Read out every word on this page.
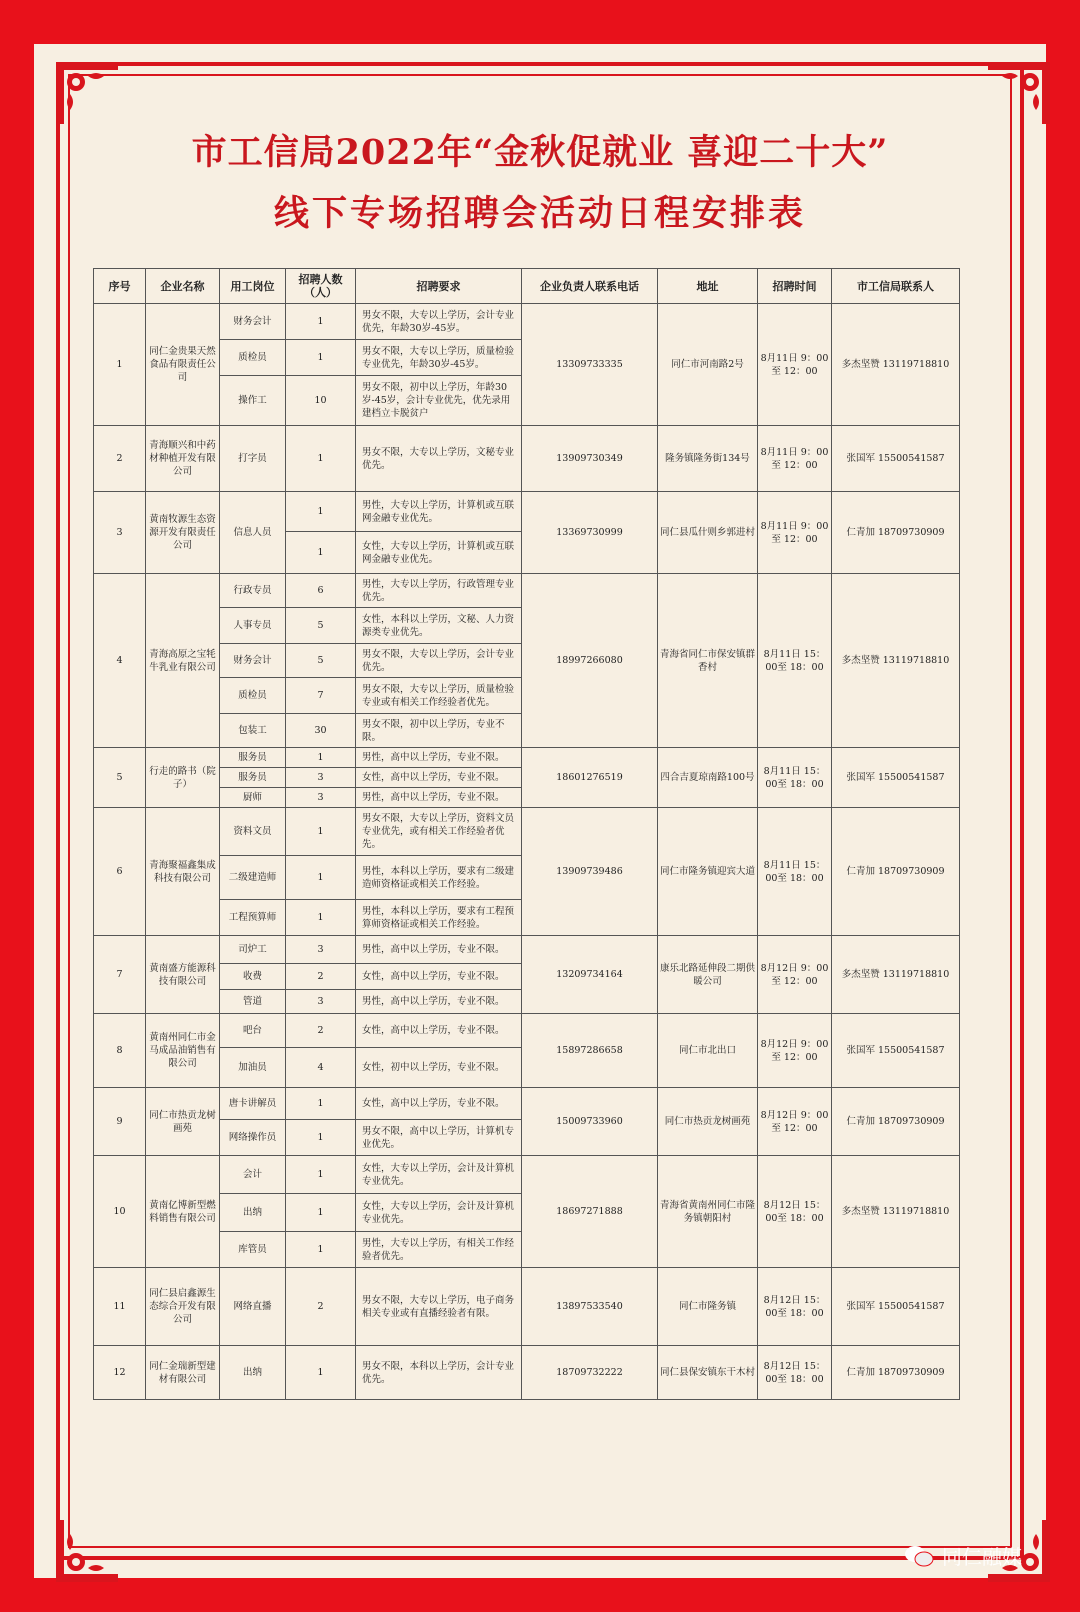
市工信局2022年“金秋促就业 喜迎二十大”
线下专场招聘会活动日程安排表
序号	企业名称	用工岗位	招聘人数（人）	招聘要求	企业负责人联系电话	地址	招聘时间	市工信局联系人
1	同仁金贵果天然食品有限责任公司	财务会计	1	男女不限，大专以上学历，会计专业优先，年龄30岁-45岁。	13309733335	同仁市河南路2号	8月11日 9：00至 12：00	多杰坚赞 13119718810
		质检员	1	男女不限，大专以上学历，质量检验专业优先，年龄30岁-45岁。				
		操作工	10	男女不限，初中以上学历，年龄30岁-45岁，会计专业优先，优先录用建档立卡脱贫户				
2	青海顺兴和中药材种植开发有限公司	打字员	1	男女不限，大专以上学历，文秘专业优先。	13909730349	隆务镇隆务街134号	8月11日 9：00至 12：00	张国军 15500541587
3	黄南牧源生态资源开发有限责任公司	信息人员	1	男性，大专以上学历，计算机或互联网金融专业优先。	13369730999	同仁县瓜什则乡郭进村	8月11日 9：00至 12：00	仁青加 18709730909
			1	女性，大专以上学历，计算机或互联网金融专业优先。				
4	青海高原之宝牦牛乳业有限公司	行政专员	6	男性，大专以上学历，行政管理专业优先。	18997266080	青海省同仁市保安镇群香村	8月11日 15：00至 18：00	多杰坚赞 13119718810
		人事专员	5	女性，本科以上学历，文秘、人力资源类专业优先。				
		财务会计	5	男女不限，大专以上学历，会计专业优先。				
		质检员	7	男女不限，大专以上学历，质量检验专业或有相关工作经验者优先。				
		包装工	30	男女不限，初中以上学历，专业不限。				
5	行走的路书（院子）	服务员	1	男性，高中以上学历，专业不限。	18601276519	四合吉夏琼南路100号	8月11日 15：00至 18：00	张国军 15500541587
		服务员	3	女性，高中以上学历，专业不限。				
		厨师	3	男性，高中以上学历，专业不限。				
6	青海聚福鑫集成科技有限公司	资料文员	1	男女不限，大专以上学历，资料文员专业优先，或有相关工作经验者优先。	13909739486	同仁市隆务镇迎宾大道	8月11日 15：00至 18：00	仁青加 18709730909
		二级建造师	1	男性，本科以上学历，要求有二级建造师资格证或相关工作经验。				
		工程预算师	1	男性，本科以上学历，要求有工程预算师资格证或相关工作经验。				
7	黄南盛方能源科技有限公司	司炉工	3	男性，高中以上学历，专业不限。	13209734164	康乐北路延伸段二期供暖公司	8月12日 9：00至 12：00	多杰坚赞 13119718810
		收费	2	女性，高中以上学历，专业不限。				
		管道	3	男性，高中以上学历，专业不限。				
8	黄南州同仁市金马成品油销售有限公司	吧台	2	女性，高中以上学历，专业不限。	15897286658	同仁市北出口	8月12日 9：00至 12：00	张国军 15500541587
		加油员	4	女性，初中以上学历，专业不限。				
9	同仁市热贡龙树画苑	唐卡讲解员	1	女性，高中以上学历，专业不限。	15009733960	同仁市热贡龙树画苑	8月12日 9：00至 12：00	仁青加 18709730909
		网络操作员	1	男女不限，高中以上学历，计算机专业优先。				
10	黄南亿博新型燃料销售有限公司	会计	1	女性，大专以上学历，会计及计算机专业优先。	18697271888	青海省黄南州同仁市隆务镇朝阳村	8月12日 15：00至 18：00	多杰坚赞 13119718810
		出纳	1	女性，大专以上学历，会计及计算机专业优先。				
		库管员	1	男性，大专以上学历，有相关工作经验者优先。				
11	同仁县启鑫源生态综合开发有限公司	网络直播	2	男女不限，大专以上学历，电子商务相关专业或有直播经验者有限。	13897533540	同仁市隆务镇	8月12日 15：00至 18：00	张国军 15500541587
12	同仁金瑞新型建材有限公司	出纳	1	男女不限，本科以上学历，会计专业优先。	18709732222	同仁县保安镇东干木村	8月12日 15：00至 18：00	仁青加 18709730909
同仁融媒
